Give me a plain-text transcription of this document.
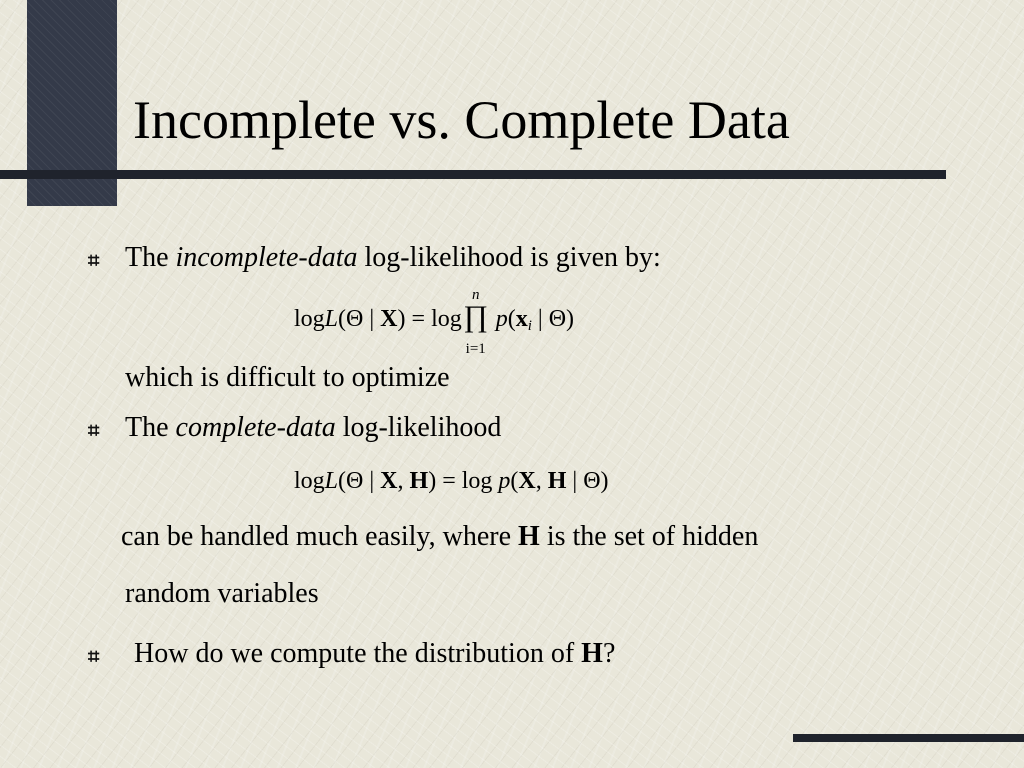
Incomplete vs. Complete Data
⌗ The incomplete-data log-likelihood is given by:
logL(Θ | X) = log
n
∏
i=1
$p(x_i$ | Θ)
which is difficult to optimize
⌗ The complete-data log-likelihood
logL(Θ | X, H) = log p(X, H | Θ)
can be handled much easily, where H is the set of hidden
random variables
⌗ How do we compute the distribution of H?
